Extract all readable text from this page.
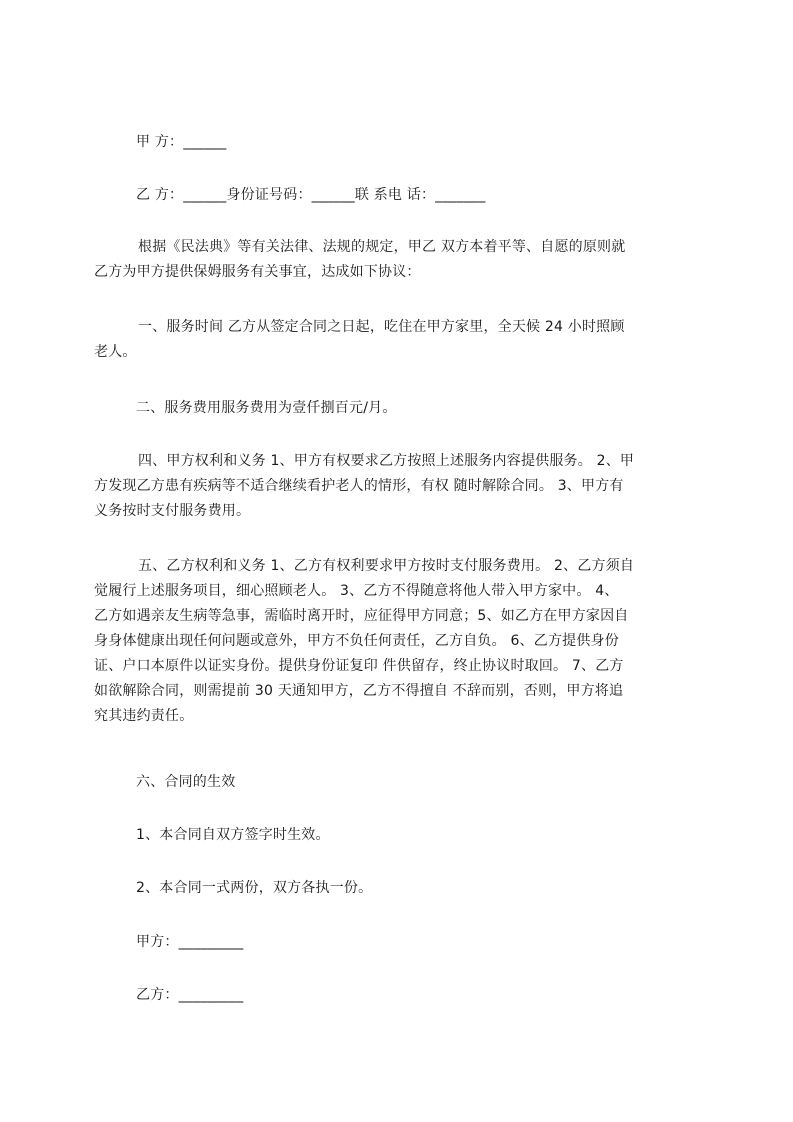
甲 方：______
乙 方：______身份证号码：______联 系电 话：_______
根据《民法典》等有关法律、法规的规定，甲乙 双方本着平等、自愿的原则就
乙方为甲方提供保姆服务有关事宜，达成如下协议：
一、服务时间 乙方从签定合同之日起，吃住在甲方家里，全天候 24 小时照顾
老人。
二、服务费用服务费用为壹仟捌百元/月。
四、甲方权利和义务 1、甲方有权要求乙方按照上述服务内容提供服务。 2、甲
方发现乙方患有疾病等不适合继续看护老人的情形，有权 随时解除合同。 3、甲方有
义务按时支付服务费用。
五、乙方权利和义务 1、乙方有权利要求甲方按时支付服务费用。 2、乙方须自
觉履行上述服务项目，细心照顾老人。 3、乙方不得随意将他人带入甲方家中。 4、
乙方如遇亲友生病等急事，需临时离开时，应征得甲方同意；5、如乙方在甲方家因自
身身体健康出现任何问题或意外，甲方不负任何责任，乙方自负。 6、乙方提供身份
证、户口本原件以证实身份。提供身份证复印 件供留存，终止协议时取回。 7、乙方
如欲解除合同，则需提前 30 天通知甲方，乙方不得擅自 不辞而别，否则，甲方将追
究其违约责任。
六、合同的生效
1、本合同自双方签字时生效。
2、本合同一式两份，双方各执一份。
甲方：_________
乙方：_________
